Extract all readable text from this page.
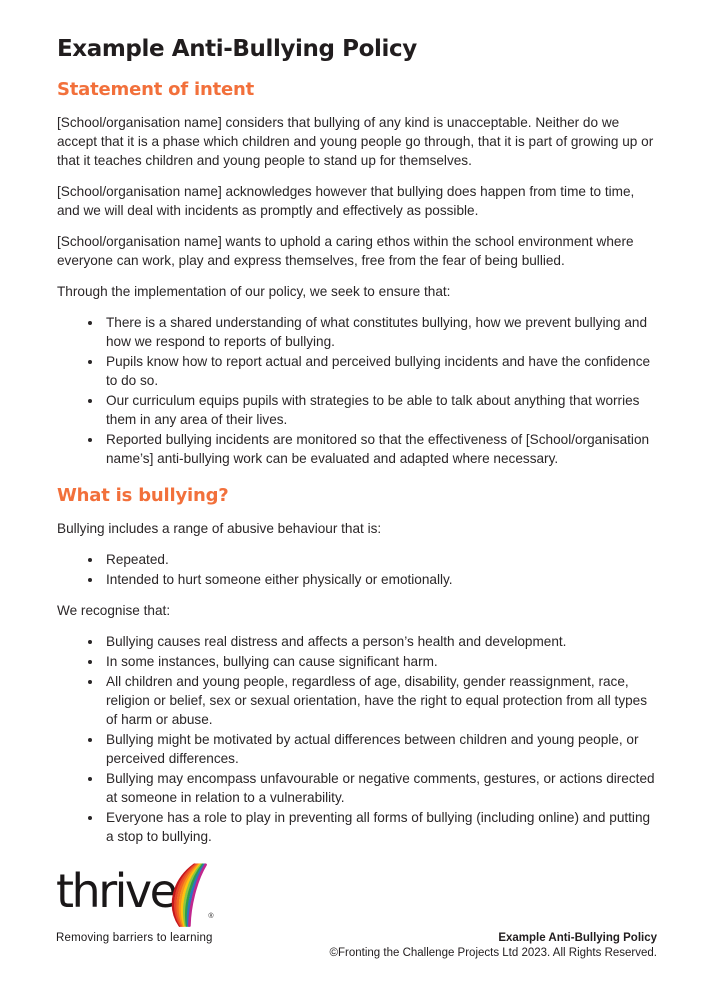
Example Anti-Bullying Policy
Statement of intent

[School/organisation name] considers that bullying of any kind is unacceptable. Neither do we accept that it is a phase which children and young people go through, that it is part of growing up or that it teaches children and young people to stand up for themselves.

[School/organisation name] acknowledges however that bullying does happen from time to time, and we will deal with incidents as promptly and effectively as possible.

[School/organisation name] wants to uphold a caring ethos within the school environment where everyone can work, play and express themselves, free from the fear of being bullied.

Through the implementation of our policy, we seek to ensure that:

• There is a shared understanding of what constitutes bullying, how we prevent bullying and how we respond to reports of bullying.
• Pupils know how to report actual and perceived bullying incidents and have the confidence to do so.
• Our curriculum equips pupils with strategies to be able to talk about anything that worries them in any area of their lives.
• Reported bullying incidents are monitored so that the effectiveness of [School/organisation name’s] anti-bullying work can be evaluated and adapted where necessary.
What is bullying?

Bullying includes a range of abusive behaviour that is:

• Repeated.
• Intended to hurt someone either physically or emotionally.

We recognise that:

• Bullying causes real distress and affects a person’s health and development.
• In some instances, bullying can cause significant harm.
• All children and young people, regardless of age, disability, gender reassignment, race, religion or belief, sex or sexual orientation, have the right to equal protection from all types of harm or abuse.
• Bullying might be motivated by actual differences between children and young people, or perceived differences.
• Bullying may encompass unfavourable or negative comments, gestures, or actions directed at someone in relation to a vulnerability.
• Everyone has a role to play in preventing all forms of bullying (including online) and putting a stop to bullying.
thrive	®
Removing barriers to learning	Example Anti-Bullying Policy
©Fronting the Challenge Projects Ltd 2023. All Rights Reserved.
